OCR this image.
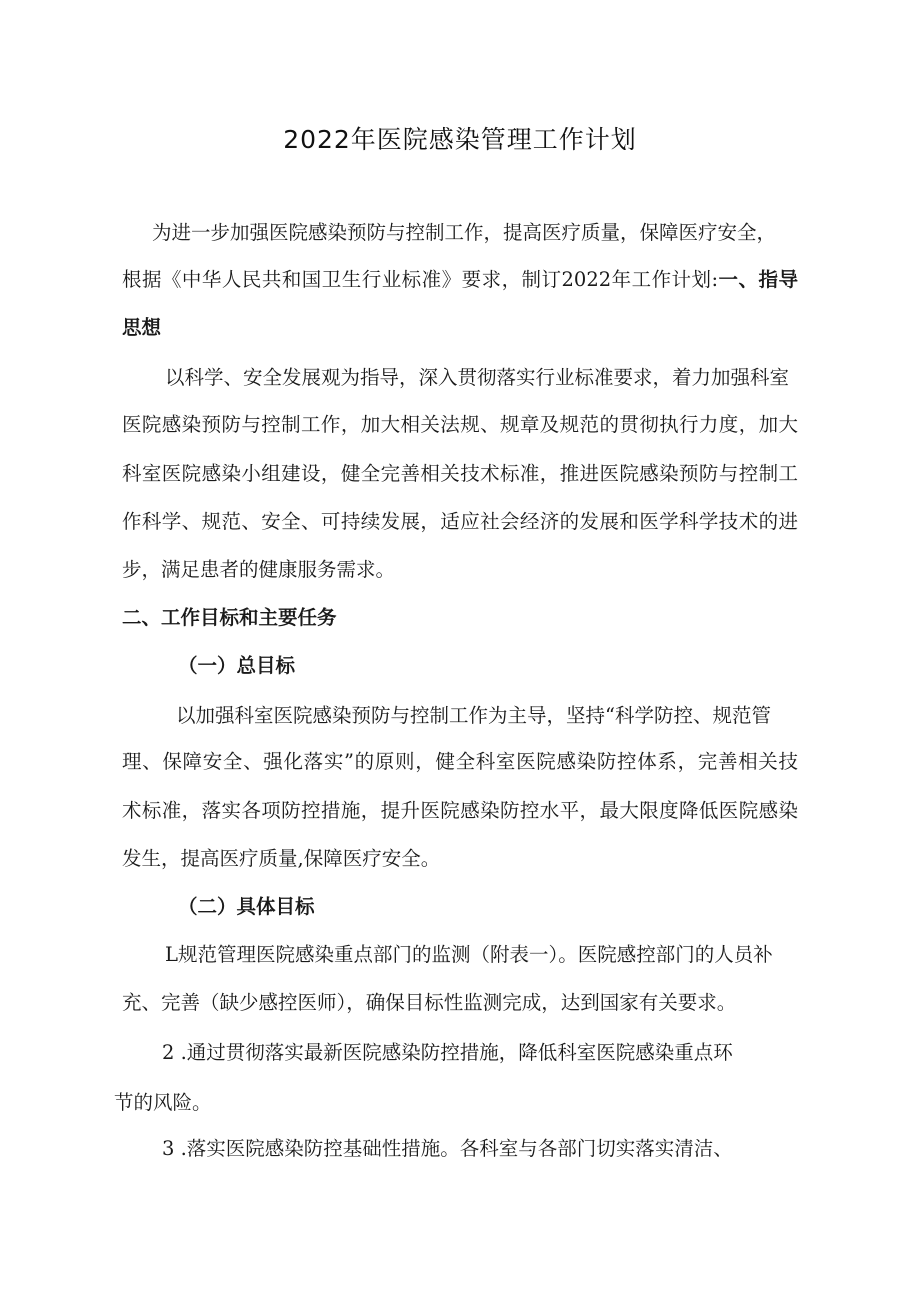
2022年医院感染管理工作计划
为进一步加强医院感染预防与控制工作，提高医疗质量，保障医疗安全，
根据《中华人民共和国卫生行业标准》要求，制订2022年工作计划:一、指导
思想
以科学、安全发展观为指导，深入贯彻落实行业标准要求，着力加强科室
医院感染预防与控制工作，加大相关法规、规章及规范的贯彻执行力度，加大
科室医院感染小组建设，健全完善相关技术标准，推进医院感染预防与控制工
作科学、规范、安全、可持续发展，适应社会经济的发展和医学科学技术的进
步，满足患者的健康服务需求。
二、工作目标和主要任务
（一）总目标
以加强科室医院感染预防与控制工作为主导，坚持“科学防控、规范管
理、保障安全、强化落实”的原则，健全科室医院感染防控体系，完善相关技
术标准，落实各项防控措施，提升医院感染防控水平，最大限度降低医院感染
发生，提高医疗质量,保障医疗安全。
（二）具体目标
L规范管理医院感染重点部门的监测（附表一）。医院感控部门的人员补
充、完善（缺少感控医师），确保目标性监测完成，达到国家有关要求。
2 .通过贯彻落实最新医院感染防控措施，降低科室医院感染重点环
节的风险。
3 .落实医院感染防控基础性措施。各科室与各部门切实落实清洁、
